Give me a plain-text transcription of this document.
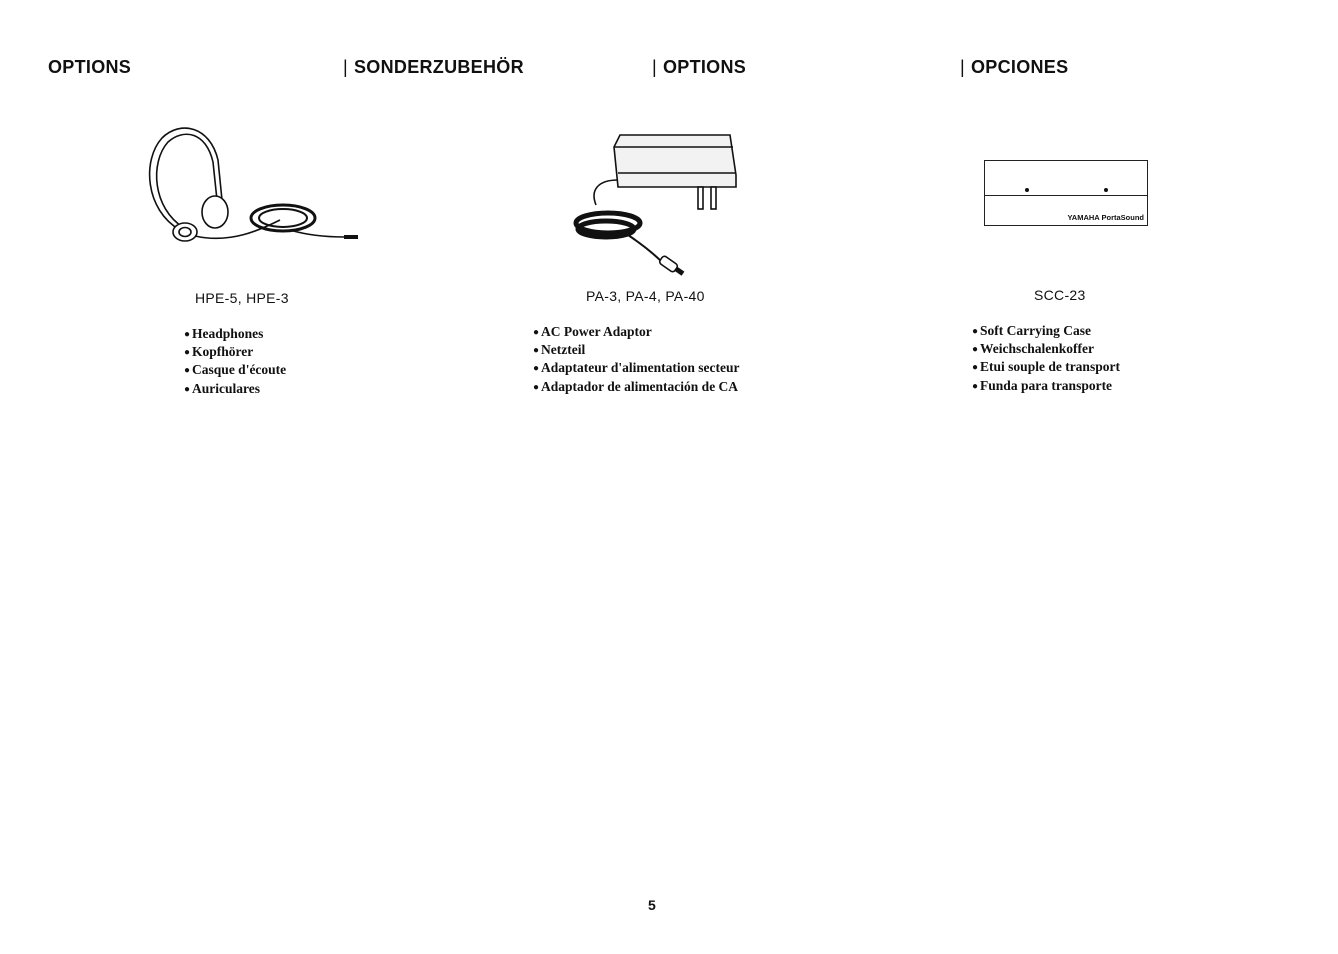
OPTIONS	| SONDERZUBEHÖR	| OPTIONS	| OPCIONES
YAMAHA PortaSound
HPE-5, HPE-3	PA-3, PA-4, PA-40	SCC-23
● Headphones
● Kopfhörer
● Casque d'écoute
● Auriculares
● AC Power Adaptor
● Netzteil
● Adaptateur d'alimentation secteur
● Adaptador de alimentación de CA
● Soft Carrying Case
● Weichschalenkoffer
● Etui souple de transport
● Funda para transporte
5
